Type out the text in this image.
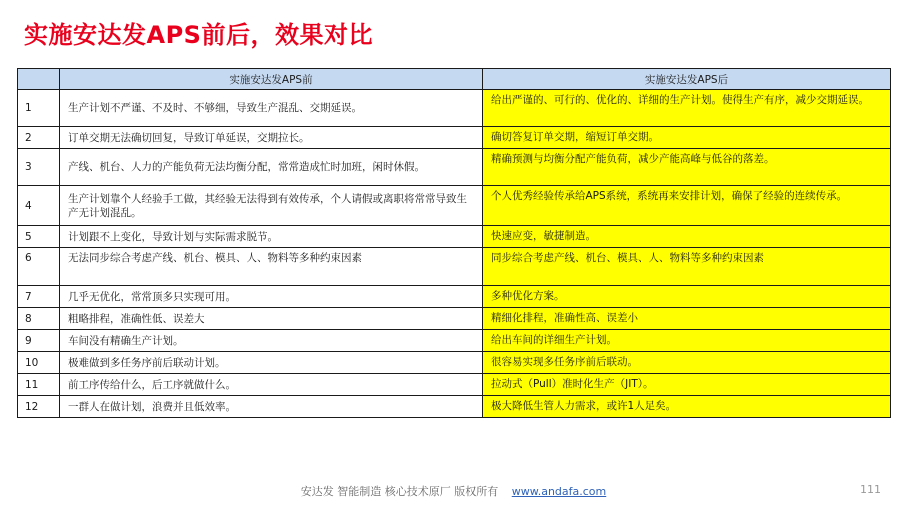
实施安达发APS前后，效果对比
	实施安达发APS前	实施安达发APS后
1	生产计划不严谨、不及时、不够细，导致生产混乱、交期延误。	给出严谨的、可行的、优化的、详细的生产计划。使得生产有序，减少交期延误。
2	订单交期无法确切回复，导致订单延误，交期拉长。	确切答复订单交期，缩短订单交期。
3	产线、机台、人力的产能负荷无法均衡分配，常常造成忙时加班，闲时休假。	精确预测与均衡分配产能负荷，减少产能高峰与低谷的落差。
4	生产计划靠个人经验手工做，其经验无法得到有效传承，个人请假或离职将常常导致生产无计划混乱。	个人优秀经验传承给APS系统，系统再来安排计划，确保了经验的连续传承。
5	计划跟不上变化，导致计划与实际需求脱节。	快速应变，敏捷制造。
6	无法同步综合考虑产线、机台、模具、人、物料等多种约束因素	同步综合考虑产线、机台、模具、人、物料等多种约束因素
7	几乎无优化，常常顶多只实现可用。	多种优化方案。
8	粗略排程，准确性低、误差大	精细化排程，准确性高、误差小
9	车间没有精确生产计划。	给出车间的详细生产计划。
10	极难做到多任务序前后联动计划。	很容易实现多任务序前后联动。
11	前工序传给什么，后工序就做什么。	拉动式（Pull）准时化生产（JIT）。
12	一群人在做计划，浪费并且低效率。	极大降低生管人力需求，或许1人足矣。
安达发 智能制造 核心技术原厂 版权所有 www.andafa.com	111
